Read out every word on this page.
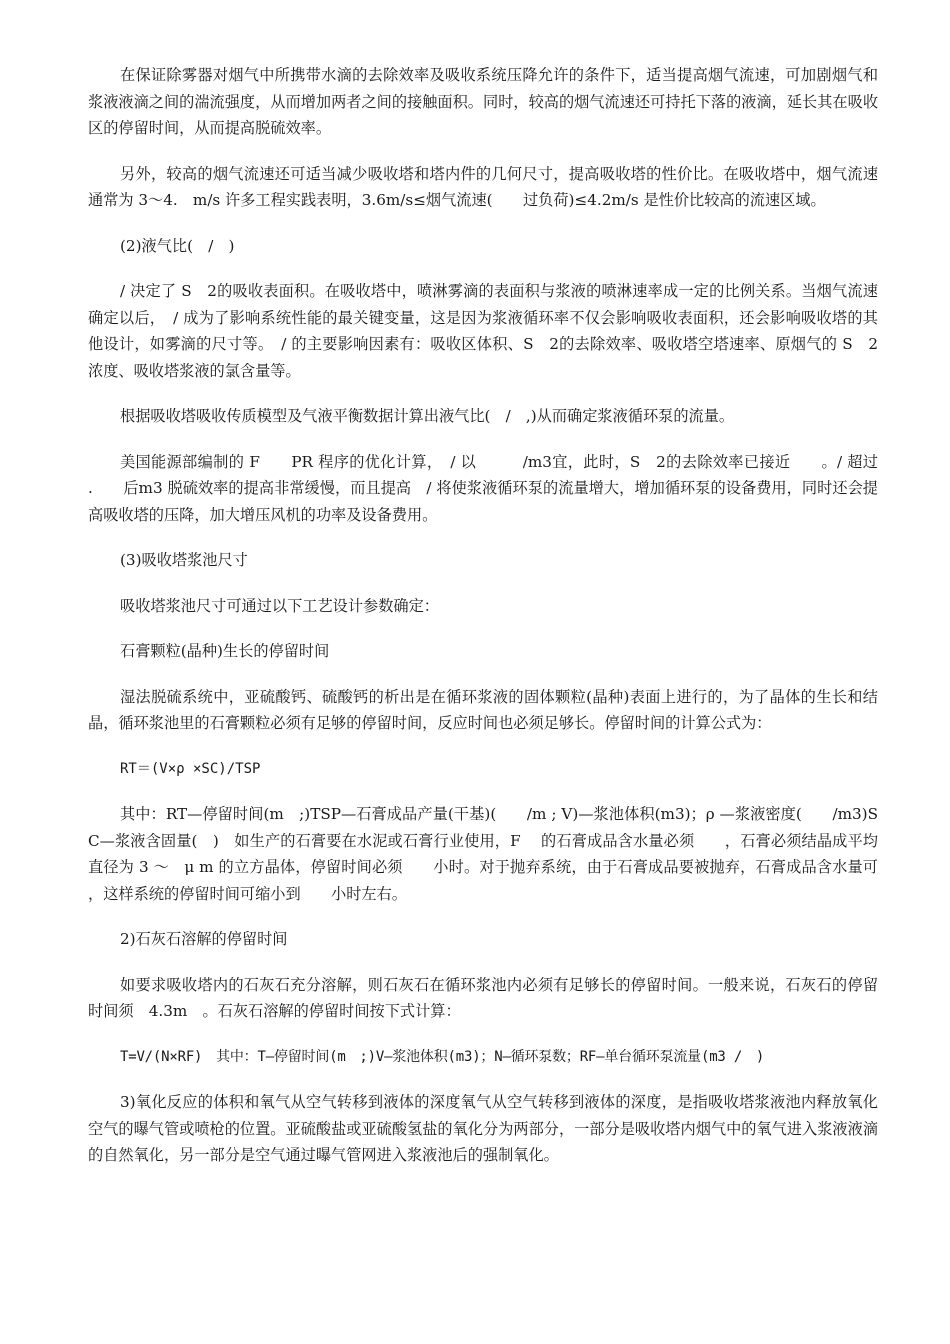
在保证除雾器对烟气中所携带水滴的去除效率及吸收系统压降允许的条件下，适当提高烟气流速，可加剧烟气和浆液液滴之间的湍流强度，从而增加两者之间的接触面积。同时，较高的烟气流速还可持托下落的液滴，延长其在吸收区的停留时间，从而提高脱硫效率。

另外，较高的烟气流速还可适当减少吸收塔和塔内件的几何尺寸，提高吸收塔的性价比。在吸收塔中，烟气流速通常为 3～4.　m/s 许多工程实践表明，3.6m/s≤烟气流速(　　过负荷)≤4.2m/s 是性价比较高的流速区域。

(2)液气比(　/　)

/ 决定了 S　2的吸收表面积。在吸收塔中，喷淋雾滴的表面积与浆液的喷淋速率成一定的比例关系。当烟气流速确定以后，　/ 成为了影响系统性能的最关键变量，这是因为浆液循环率不仅会影响吸收表面积，还会影响吸收塔的其他设计，如雾滴的尺寸等。　/ 的主要影响因素有：吸收区体积、S　2的去除效率、吸收塔空塔速率、原烟气的 S　2浓度、吸收塔浆液的氯含量等。

根据吸收塔吸收传质模型及气液平衡数据计算出液气比(　/　,)从而确定浆液循环泵的流量。

美国能源部编制的 F　　PR 程序的优化计算，　/ 以　　　/m3宜，此时，S　2的去除效率已接近　　。/ 超过　　.　　后m3 脱硫效率的提高非常缓慢，而且提高　/ 将使浆液循环泵的流量增大，增加循环泵的设备费用，同时还会提高吸收塔的压降，加大增压风机的功率及设备费用。

(3)吸收塔浆池尺寸

吸收塔浆池尺寸可通过以下工艺设计参数确定：

石膏颗粒(晶种)生长的停留时间

湿法脱硫系统中，亚硫酸钙、硫酸钙的析出是在循环浆液的固体颗粒(晶种)表面上进行的，为了晶体的生长和结晶，循环浆池里的石膏颗粒必须有足够的停留时间，反应时间也必须足够长。停留时间的计算公式为：

RT＝(V×ρ ×SC)/TSP

其中：RT—停留时间(m　;)TSP—石膏成品产量(干基)(　　/m ; V)—浆池体积(m3)；ρ —浆液密度(　　/m3)SC—浆液含固量(　)　如生产的石膏要在水泥或石膏行业使用，F　 的石膏成品含水量必须　　，石膏必须结晶成平均直径为 3 ～　μ m 的立方晶体，停留时间必须　　小时。对于抛弃系统，由于石膏成品要被抛弃，石膏成品含水量可　　，这样系统的停留时间可缩小到　　小时左右。

2)石灰石溶解的停留时间

如要求吸收塔内的石灰石充分溶解，则石灰石在循环浆池内必须有足够长的停留时间。一般来说，石灰石的停留时间须　4.3m　。石灰石溶解的停留时间按下式计算：

T=V/(N×RF)　其中：T—停留时间(m　;)V—浆池体积(m3)；N—循环泵数；RF—单台循环泵流量(m3 /　)

3)氧化反应的体积和氧气从空气转移到液体的深度氧气从空气转移到液体的深度，是指吸收塔浆液池内释放氧化空气的曝气管或喷枪的位置。亚硫酸盐或亚硫酸氢盐的氧化分为两部分，一部分是吸收塔内烟气中的氧气进入浆液液滴的自然氧化，另一部分是空气通过曝气管网进入浆液池后的强制氧化。
